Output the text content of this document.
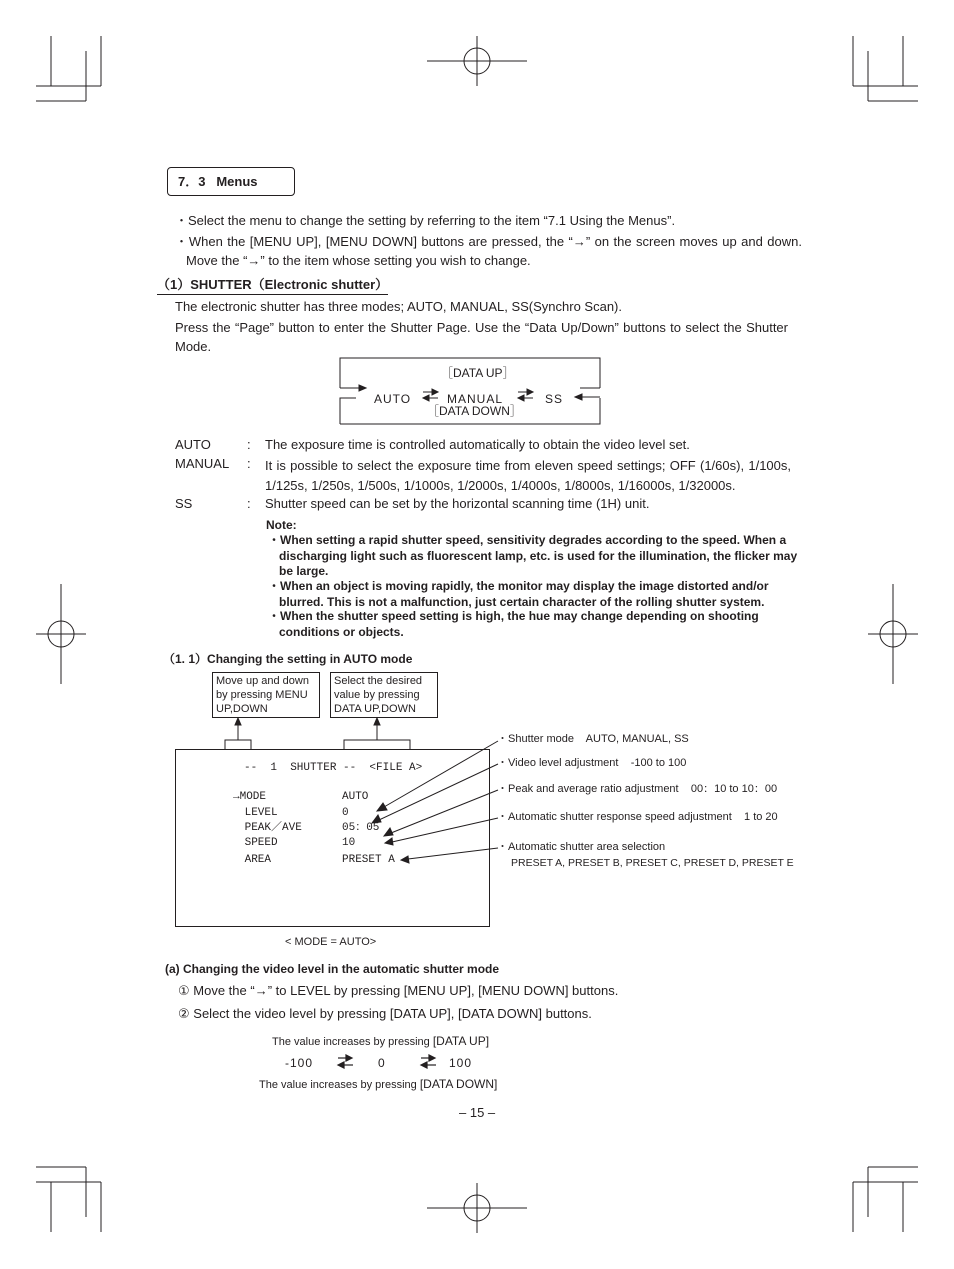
7．3 Menus
・Select the menu to change the setting by referring to the item “7.1 Using the Menus”.
・When the [MENU UP], [MENU DOWN] buttons are pressed, the “→” on the screen moves up and down. Move the “→” to the item whose setting you wish to change.
（1）SHUTTER（Electronic shutter）
The electronic shutter has three modes; AUTO, MANUAL, SS(Synchro Scan).
Press the “Page” button to enter the Shutter Page. Use the “Data Up/Down” buttons to select the Shutter Mode.
［DATA UP］
AUTO	MANUAL	SS
［DATA DOWN］
AUTO	: The exposure time is controlled automatically to obtain the video level set.
MANUAL : It is possible to select the exposure time from eleven speed settings; OFF (1/60s), 1/100s, 1/125s, 1/250s, 1/500s, 1/1000s, 1/2000s, 1/4000s, 1/8000s, 1/16000s, 1/32000s.
SS	: Shutter speed can be set by the horizontal scanning time (1H) unit.
Note:
・When setting a rapid shutter speed, sensitivity degrades according to the speed. When a discharging light such as fluorescent lamp, etc. is used for the illumination, the flicker may be large.
・When an object is moving rapidly, the monitor may display the image distorted and/or blurred. This is not a malfunction, just certain character of the rolling shutter system.
・When the shutter speed setting is high, the hue may change depending on shooting conditions or objects.
（1. 1）Changing the setting in AUTO mode
Move up and down by pressing MENU UP,DOWN
Select the desired value by pressing DATA UP,DOWN
--  1  SHUTTER --  <FILE A>
→MODE	AUTO
LEVEL	0
PEAK／AVE	05：05
SPEED	10
AREA	PRESET A
< MODE = AUTO>
・Shutter mode AUTO, MANUAL, SS
・Video level adjustment -100 to 100
・Peak and average ratio adjustment 00：10 to 10：00
・Automatic shutter response speed adjustment 1 to 20
・Automatic shutter area selection
PRESET A, PRESET B, PRESET C, PRESET D, PRESET E
(a) Changing the video level in the automatic shutter mode
① Move the “→” to LEVEL by pressing [MENU UP], [MENU DOWN] buttons.
② Select the video level by pressing [DATA UP], [DATA DOWN] buttons.
The value increases by pressing [DATA UP]
-100	0	100
The value increases by pressing [DATA DOWN]
– 15 –
